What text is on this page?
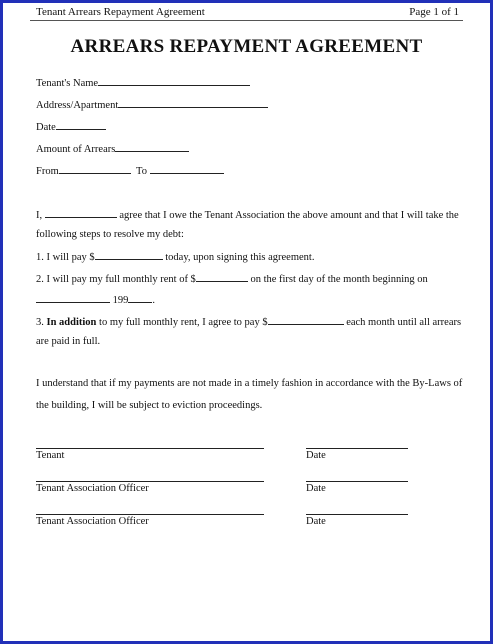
Tenant Arrears Repayment Agreement	Page 1 of 1
ARREARS REPAYMENT AGREEMENT
Tenant's Name
Address/Apartment
Date
Amount of Arrears
From	To
I,	agree that I owe the Tenant Association the above amount and that I will take the
following steps to resolve my debt:
1. I will pay $	today, upon signing this agreement.
2. I will pay my full monthly rent of $	on the first day of the month beginning on
199 .
3. In addition to my full monthly rent, I agree to pay $	each month until all arrears
are paid in full.
I understand that if my payments are not made in a timely fashion in accordance with the By-Laws of
the building, I will be subject to eviction proceedings.
Tenant	Date
Tenant Association Officer	Date
Tenant Association Officer	Date
